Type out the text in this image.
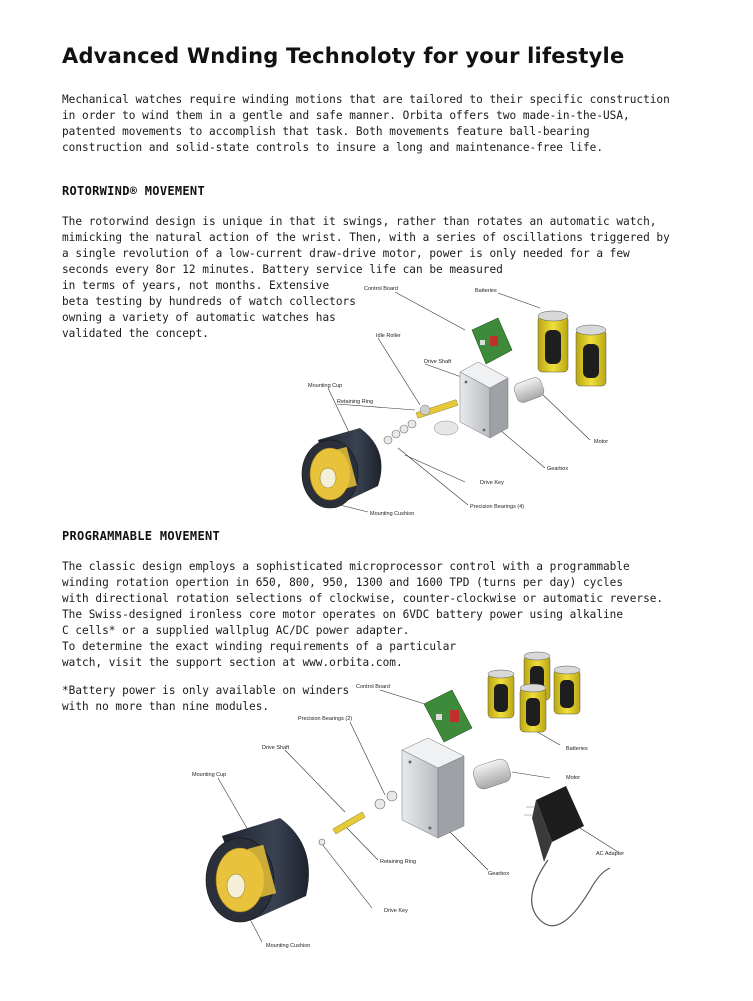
Advanced Wnding Technoloty for your lifestyle

Mechanical watches require winding motions that are tailored to their specific construction

in order to wind them in a gentle and safe manner. Orbita offers two made-in-the-USA,

patented movements to accomplish that task. Both movements feature ball-bearing

construction and solid-state controls to insure a long and maintenance-free life.

ROTORWIND® MOVEMENT

The rotorwind design is unique in that it swings, rather than rotates an automatic watch,

mimicking the natural action of the wrist. Then, with a series of oscillations triggered by

a single revolution of a low-current draw-drive motor, power is only needed for a few

seconds every 8or 12 minutes. Battery service life can be measured

in terms of years, not months. Extensive

beta testing by hundreds of watch collectors

owning a variety of automatic watches has

validated the concept.

Control Board	Batteries
Idle Roller
Drive Shaft
Mounting Cup
Retaining Ring
Motor
Gearbox
Drive Key
Precision Bearings (4)
Mounting Cushion
PROGRAMMABLE MOVEMENT

The classic design employs a sophisticated microprocessor control with a programmable

winding rotation opertion in 650, 800, 950, 1300 and 1600 TPD (turns per day) cycles

with directional rotation selections of clockwise, counter-clockwise or automatic reverse.

The Swiss-designed ironless core motor operates on 6VDC battery power using alkaline

C cells* or a supplied wallplug AC/DC power adapter.

To determine the exact winding requirements of a particular

watch, visit the support section at www.orbita.com.

*Battery power is only available on winders

with no more than nine modules.

Control Board
Precision Bearings (2)
Drive Shaft
Mounting Cup
Batteries
Motor
Retaining Ring
Gearbox
AC Adapter
Drive Key
Mounting Cushion
